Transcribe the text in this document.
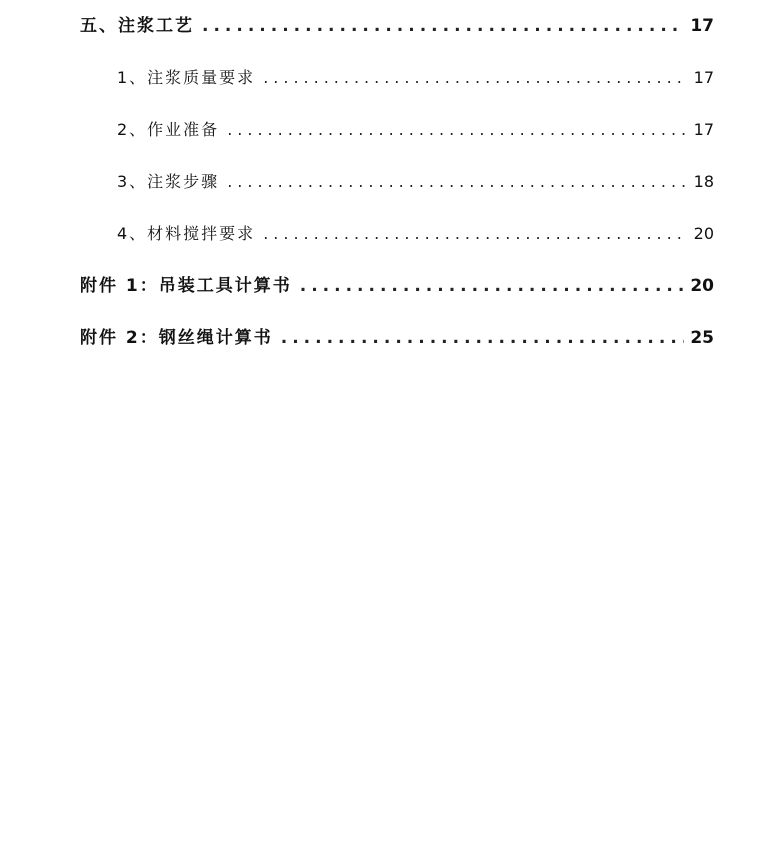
五、注浆工艺 .....	17
1、注浆质量要求 .....	17
2、作业准备 .....	17
3、注浆步骤 .....	18
4、材料搅拌要求 .....	20
附件 1：吊装工具计算书 .....	20
附件 2：钢丝绳计算书 .....	25
